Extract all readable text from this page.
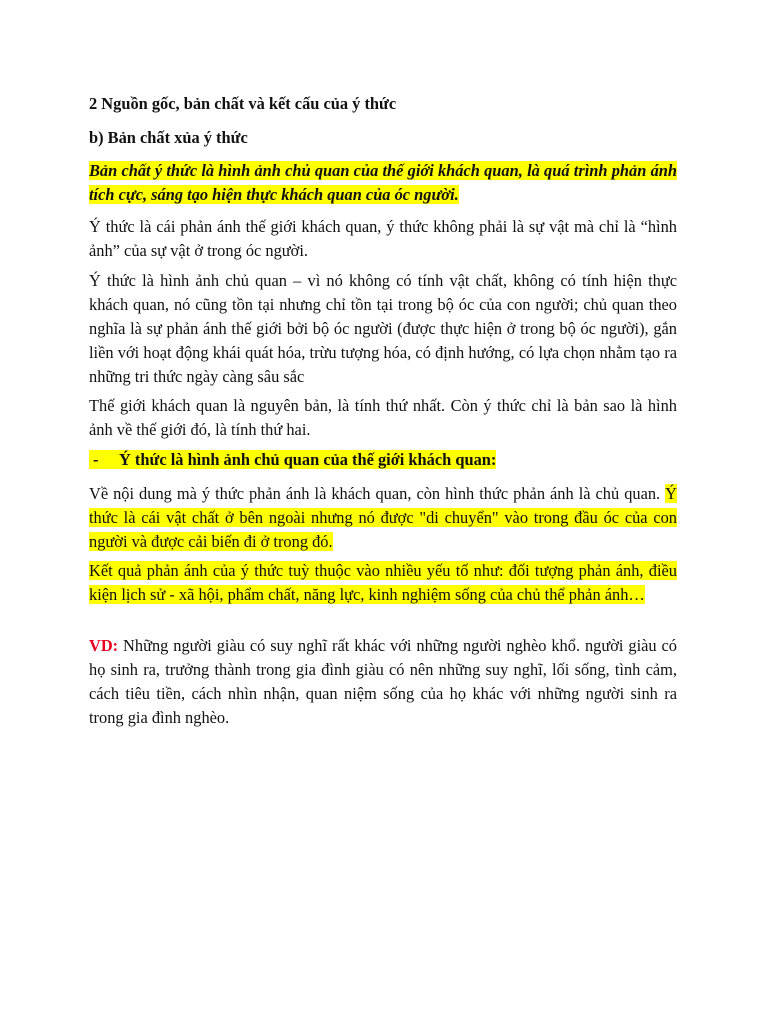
2 Nguồn gốc, bản chất và kết cấu của ý thức

b) Bản chất xủa ý thức

Bản chất ý thức là hình ảnh chủ quan của thế giới khách quan, là quá trình phản ánh tích cực, sáng tạo hiện thực khách quan của óc người.

Ý thức là cái phản ánh thế giới khách quan, ý thức không phải là sự vật mà chỉ là “hình ảnh” của sự vật ở trong óc người.

Ý thức là hình ảnh chủ quan – vì nó không có tính vật chất, không có tính hiện thực khách quan, nó cũng tồn tại nhưng chỉ tồn tại trong bộ óc của con người; chủ quan theo nghĩa là sự phản ánh thế giới bởi bộ óc người (được thực hiện ở trong bộ óc người), gắn liền với hoạt động khái quát hóa, trừu tượng hóa, có định hướng, có lựa chọn nhằm tạo ra những tri thức ngày càng sâu sắc

Thế giới khách quan là nguyên bản, là tính thứ nhất. Còn ý thức chỉ là bản sao là hình ảnh về thế giới đó, là tính thứ hai.

- Ý thức là hình ảnh chủ quan của thế giới khách quan:

Về nội dung mà ý thức phản ánh là khách quan, còn hình thức phản ánh là chủ quan. Ý thức là cái vật chất ở bên ngoài nhưng nó được "di chuyển" vào trong đầu óc của con người và được cải biến đi ở trong đó.

Kết quả phản ánh của ý thức tuỳ thuộc vào nhiều yếu tố như: đối tượng phản ánh, điều kiện lịch sử - xã hội, phẩm chất, năng lực, kinh nghiệm sống của chủ thể phản ánh…

VD: Những người giàu có suy nghĩ rất khác với những người nghèo khổ. người giàu có họ sinh ra, trưởng thành trong gia đình giàu có nên những suy nghĩ, lối sống, tình cảm, cách tiêu tiền, cách nhìn nhận, quan niệm sống của họ khác với những người sinh ra trong gia đình nghèo.
